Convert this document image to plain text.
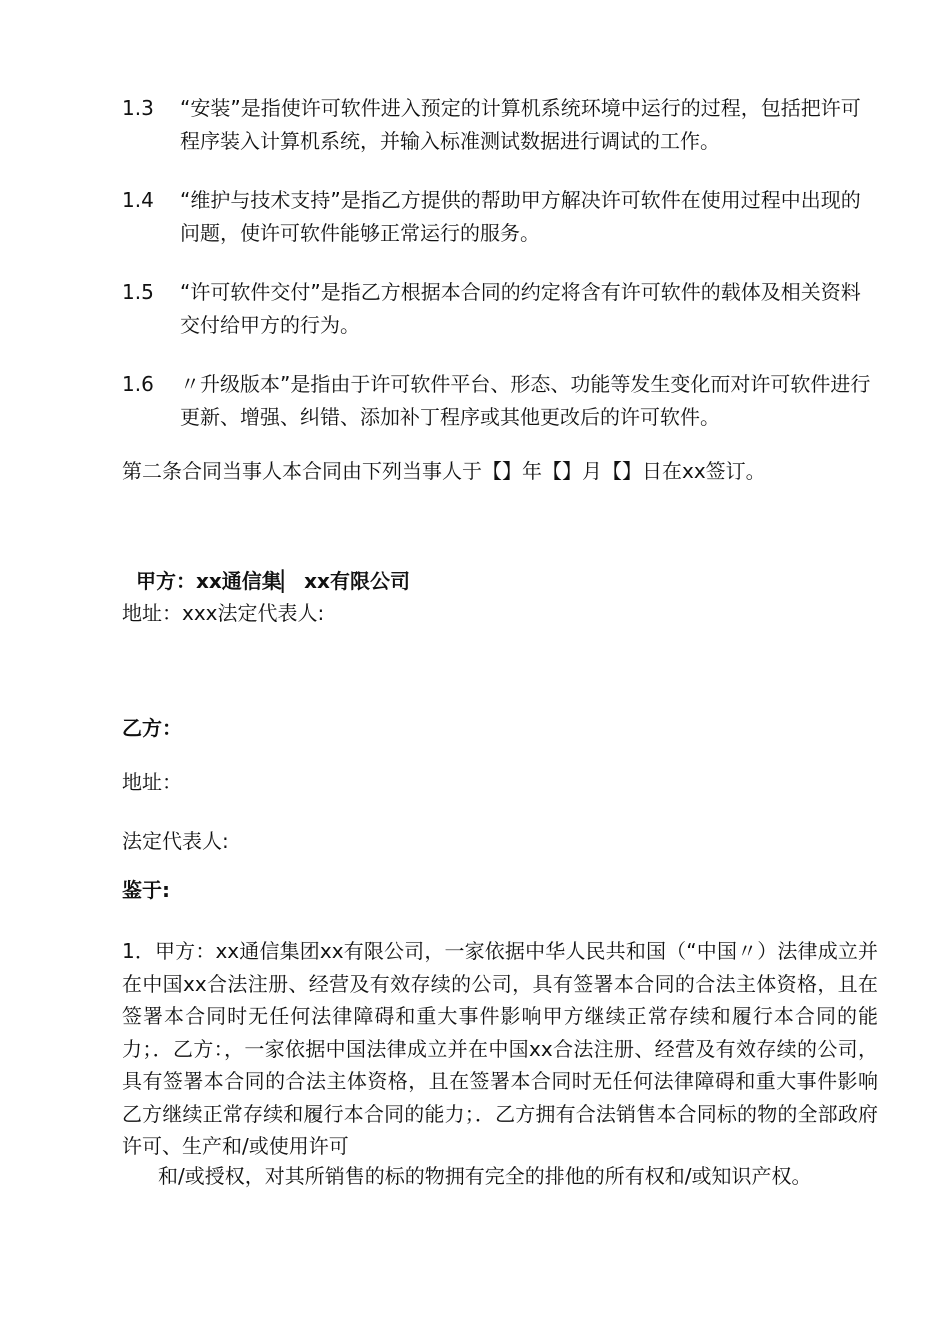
1.3	“安装”是指使许可软件进入预定的计算机系统环境中运行的过程，包括把许可程序装入计算机系统，并输入标准测试数据进行调试的工作。
1.4	“维护与技术支持”是指乙方提供的帮助甲方解决许可软件在使用过程中出现的问题，使许可软件能够正常运行的服务。
1.5	“许可软件交付”是指乙方根据本合同的约定将含有许可软件的载体及相关资料交付给甲方的行为。
1.6	〃升级版本”是指由于许可软件平台、形态、功能等发生变化而对许可软件进行更新、增强、纠错、添加补丁程序或其他更改后的许可软件。
第二条合同当事人本合同由下列当事人于【】年【】月【】日在xx签订。
甲方：xx通信集▏ xx有限公司
地址：xxx法定代表人:
乙方：
地址：
法定代表人:
鉴于:
1．甲方：xx通信集团xx有限公司，一家依据中华人民共和国（“中国〃）法律成立并在中国xx合法注册、经营及有效存续的公司，具有签署本合同的合法主体资格，且在签署本合同时无任何法律障碍和重大事件影响甲方继续正常存续和履行本合同的能力；．乙方：，一家依据中国法律成立并在中国xx合法注册、经营及有效存续的公司，具有签署本合同的合法主体资格，且在签署本合同时无任何法律障碍和重大事件影响乙方继续正常存续和履行本合同的能力；．乙方拥有合法销售本合同标的物的全部政府许可、生产和/或使用许可
和/或授权，对其所销售的标的物拥有完全的排他的所有权和/或知识产权。
